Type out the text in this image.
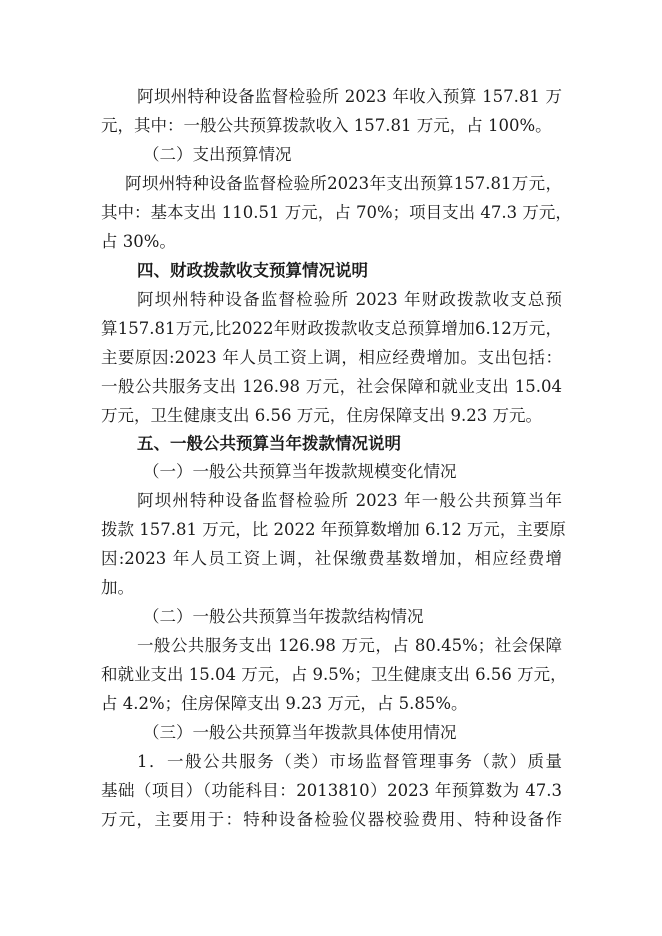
阿坝州特种设备监督检验所 2023 年收入预算 157.81 万
元，其中：一般公共预算拨款收入 157.81 万元，占 100%。
（二）支出预算情况
阿坝州特种设备监督检验所2023年支出预算157.81万元，
其中：基本支出 110.51 万元，占 70%；项目支出 47.3 万元，
占 30%。
四、财政拨款收支预算情况说明
阿坝州特种设备监督检验所 2023 年财政拨款收支总预
算157.81万元,比2022年财政拨款收支总预算增加6.12万元，
主要原因:2023 年人员工资上调，相应经费增加。支出包括：
一般公共服务支出 126.98 万元，社会保障和就业支出 15.04
万元，卫生健康支出 6.56 万元，住房保障支出 9.23 万元。
五、一般公共预算当年拨款情况说明
（一）一般公共预算当年拨款规模变化情况
阿坝州特种设备监督检验所 2023 年一般公共预算当年
拨款 157.81 万元，比 2022 年预算数增加 6.12 万元，主要原
因:2023 年人员工资上调，社保缴费基数增加，相应经费增
加。
（二）一般公共预算当年拨款结构情况
一般公共服务支出 126.98 万元，占 80.45%；社会保障
和就业支出 15.04 万元，占 9.5%；卫生健康支出 6.56 万元，
占 4.2%；住房保障支出 9.23 万元，占 5.85%。
（三）一般公共预算当年拨款具体使用情况
1．一般公共服务（类）市场监督管理事务（款）质量
基础（项目）（功能科目：2013810）2023 年预算数为 47.3
万元，主要用于：特种设备检验仪器校验费用、特种设备作
